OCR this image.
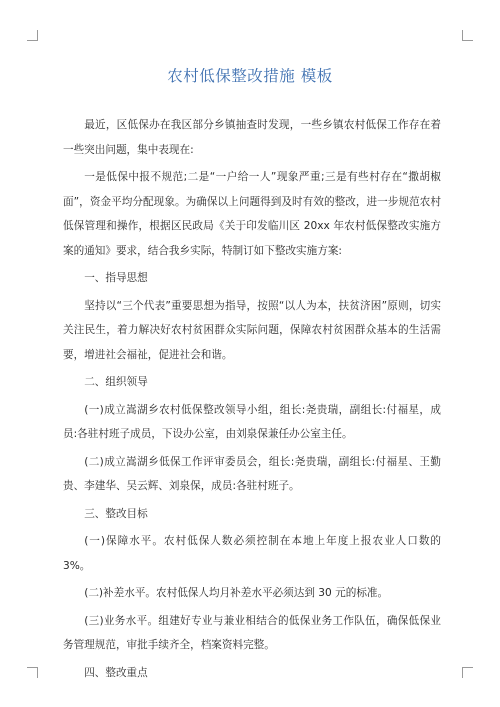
农村低保整改措施 模板

最近，区低保办在我区部分乡镇抽查时发现，一些乡镇农村低保工作存在着一些突出问题，集中表现在:

一是低保中报不规范;二是“一户给一人”现象严重;三是有些村存在“撒胡椒面”，资金平均分配现象。为确保以上问题得到及时有效的整改，进一步规范农村低保管理和操作，根据区民政局《关于印发临川区 20xx 年农村低保整改实施方案的通知》要求，结合我乡实际，特制订如下整改实施方案:

一、指导思想

坚持以“三个代表”重要思想为指导，按照“以人为本，扶贫济困”原则，切实关注民生，着力解决好农村贫困群众实际问题，保障农村贫困群众基本的生活需要，增进社会福祉，促进社会和谐。

二、组织领导

(一)成立嵩湖乡农村低保整改领导小组，组长:尧贵瑞，副组长:付福星，成员:各驻村班子成员，下设办公室，由刘泉保兼任办公室主任。

(二)成立嵩湖乡低保工作评审委员会，组长:尧贵瑞，副组长:付福星、王勤贵、李建华、吴云辉、刘泉保，成员:各驻村班子。

三、整改目标

(一)保障水平。农村低保人数必须控制在本地上年度上报农业人口数的 3%。

(二)补差水平。农村低保人均月补差水平必须达到 30 元的标准。

(三)业务水平。组建好专业与兼业相结合的低保业务工作队伍，确保低保业务管理规范，审批手续齐全，档案资料完整。

四、整改重点
